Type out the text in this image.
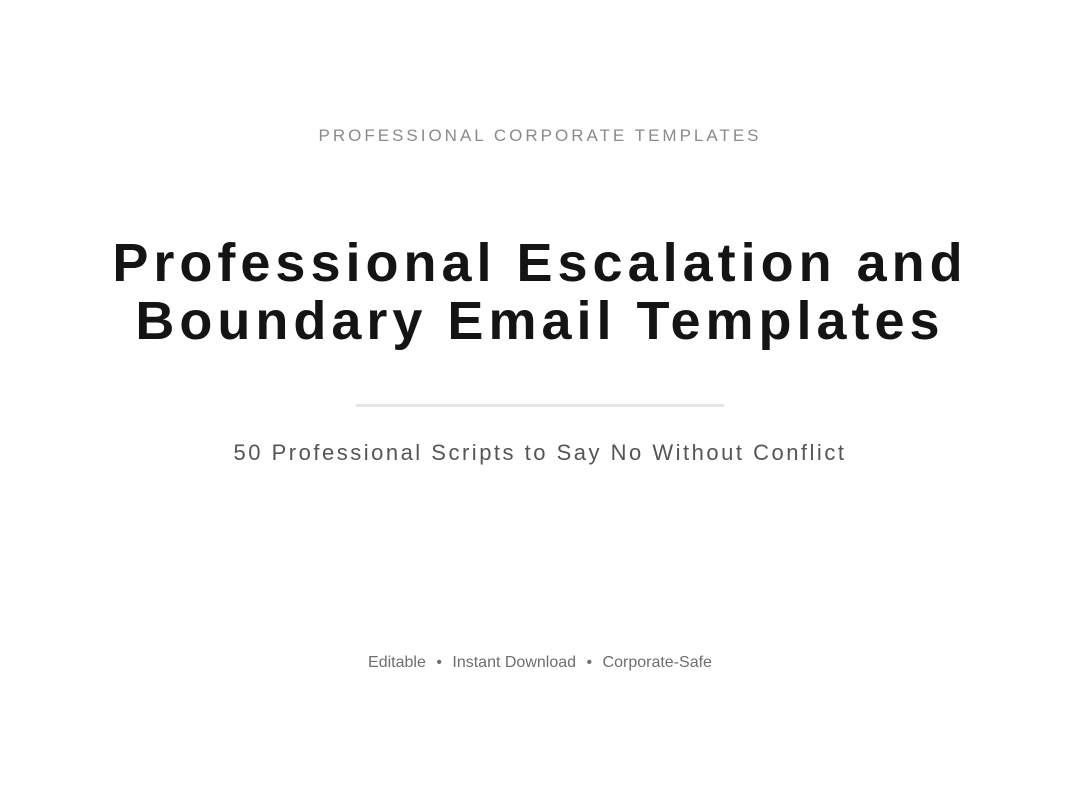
PROFESSIONAL CORPORATE TEMPLATES
Professional Escalation and
Boundary Email Templates
50 Professional Scripts to Say No Without Conflict
Editable • Instant Download • Corporate-Safe
